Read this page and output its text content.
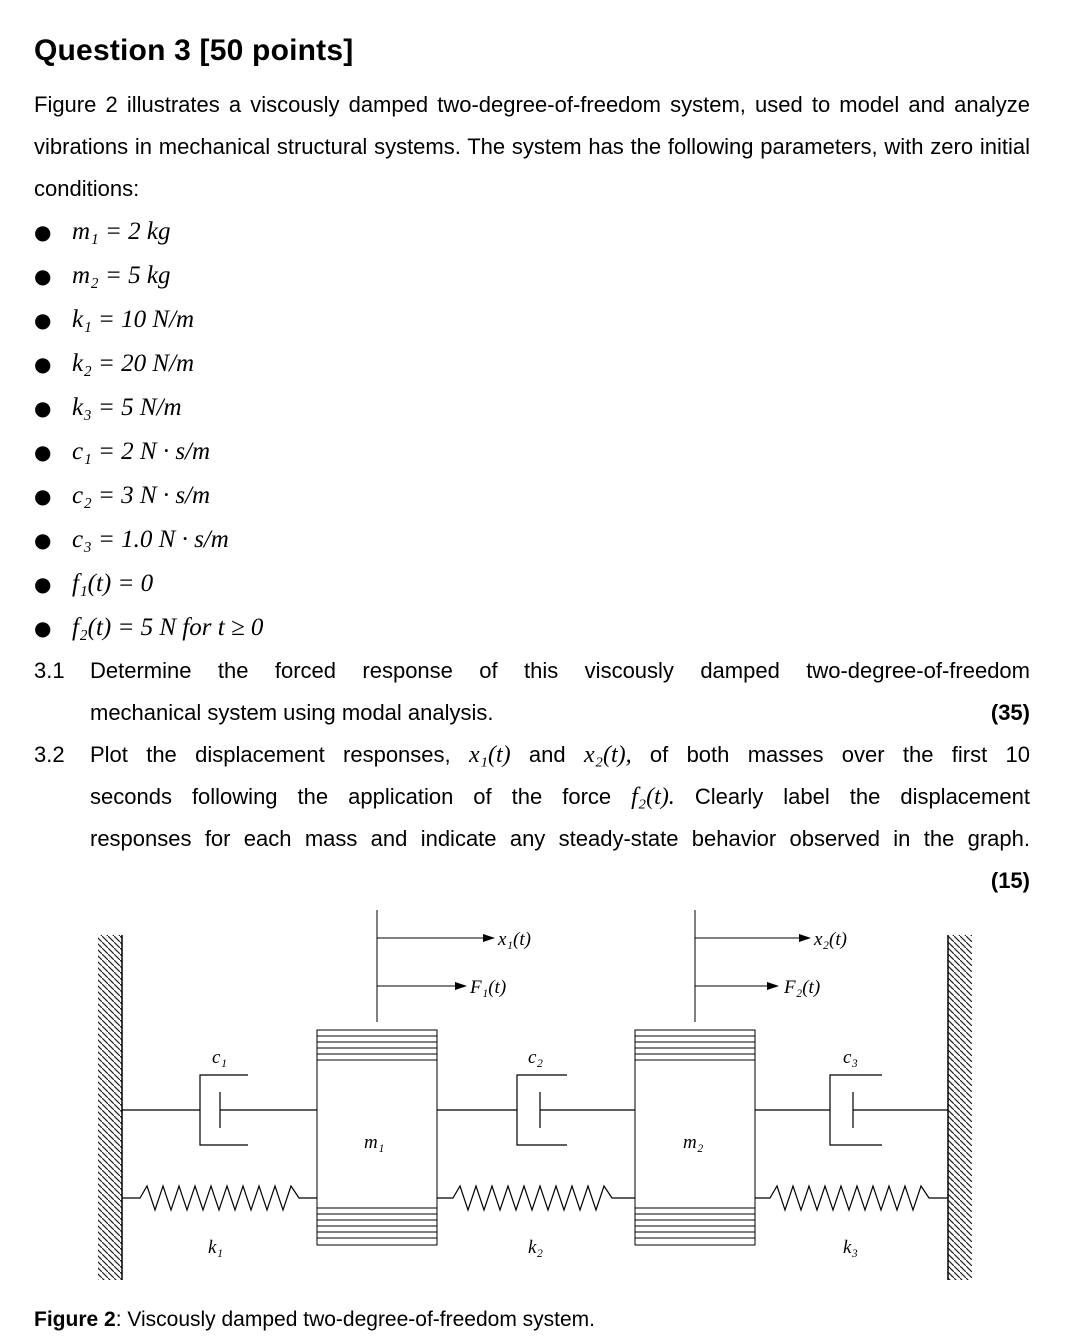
Question 3 [50 points]
Figure 2 illustrates a viscously damped two-degree-of-freedom system, used to model and analyze vibrations in mechanical structural systems. The system has the following parameters, with zero initial conditions:
● m₁ = 2 kg
● m₂ = 5 kg
● k₁ = 10 N/m
● k₂ = 20 N/m
● k₃ = 5 N/m
● c₁ = 2 N · s/m
● c₂ = 3 N · s/m
● c₃ = 1.0 N · s/m
● f₁(t) = 0
● f₂(t) = 5 N for t ≥ 0
3.1 Determine the forced response of this viscously damped two-degree-of-freedom
mechanical system using modal analysis.	(35)
3.2 Plot the displacement responses, x₁(t) and x₂(t), of both masses over the first 10
seconds following the application of the force f₂(t). Clearly label the displacement
responses for each mass and indicate any steady-state behavior observed in the graph.
(15)
x₁(t)
F₁(t)
x₂(t)
F₂(t)
c₁	c₂	c₃
m₁	m₂
k₁	k₂	k₃
Figure 2: Viscously damped two-degree-of-freedom system.
